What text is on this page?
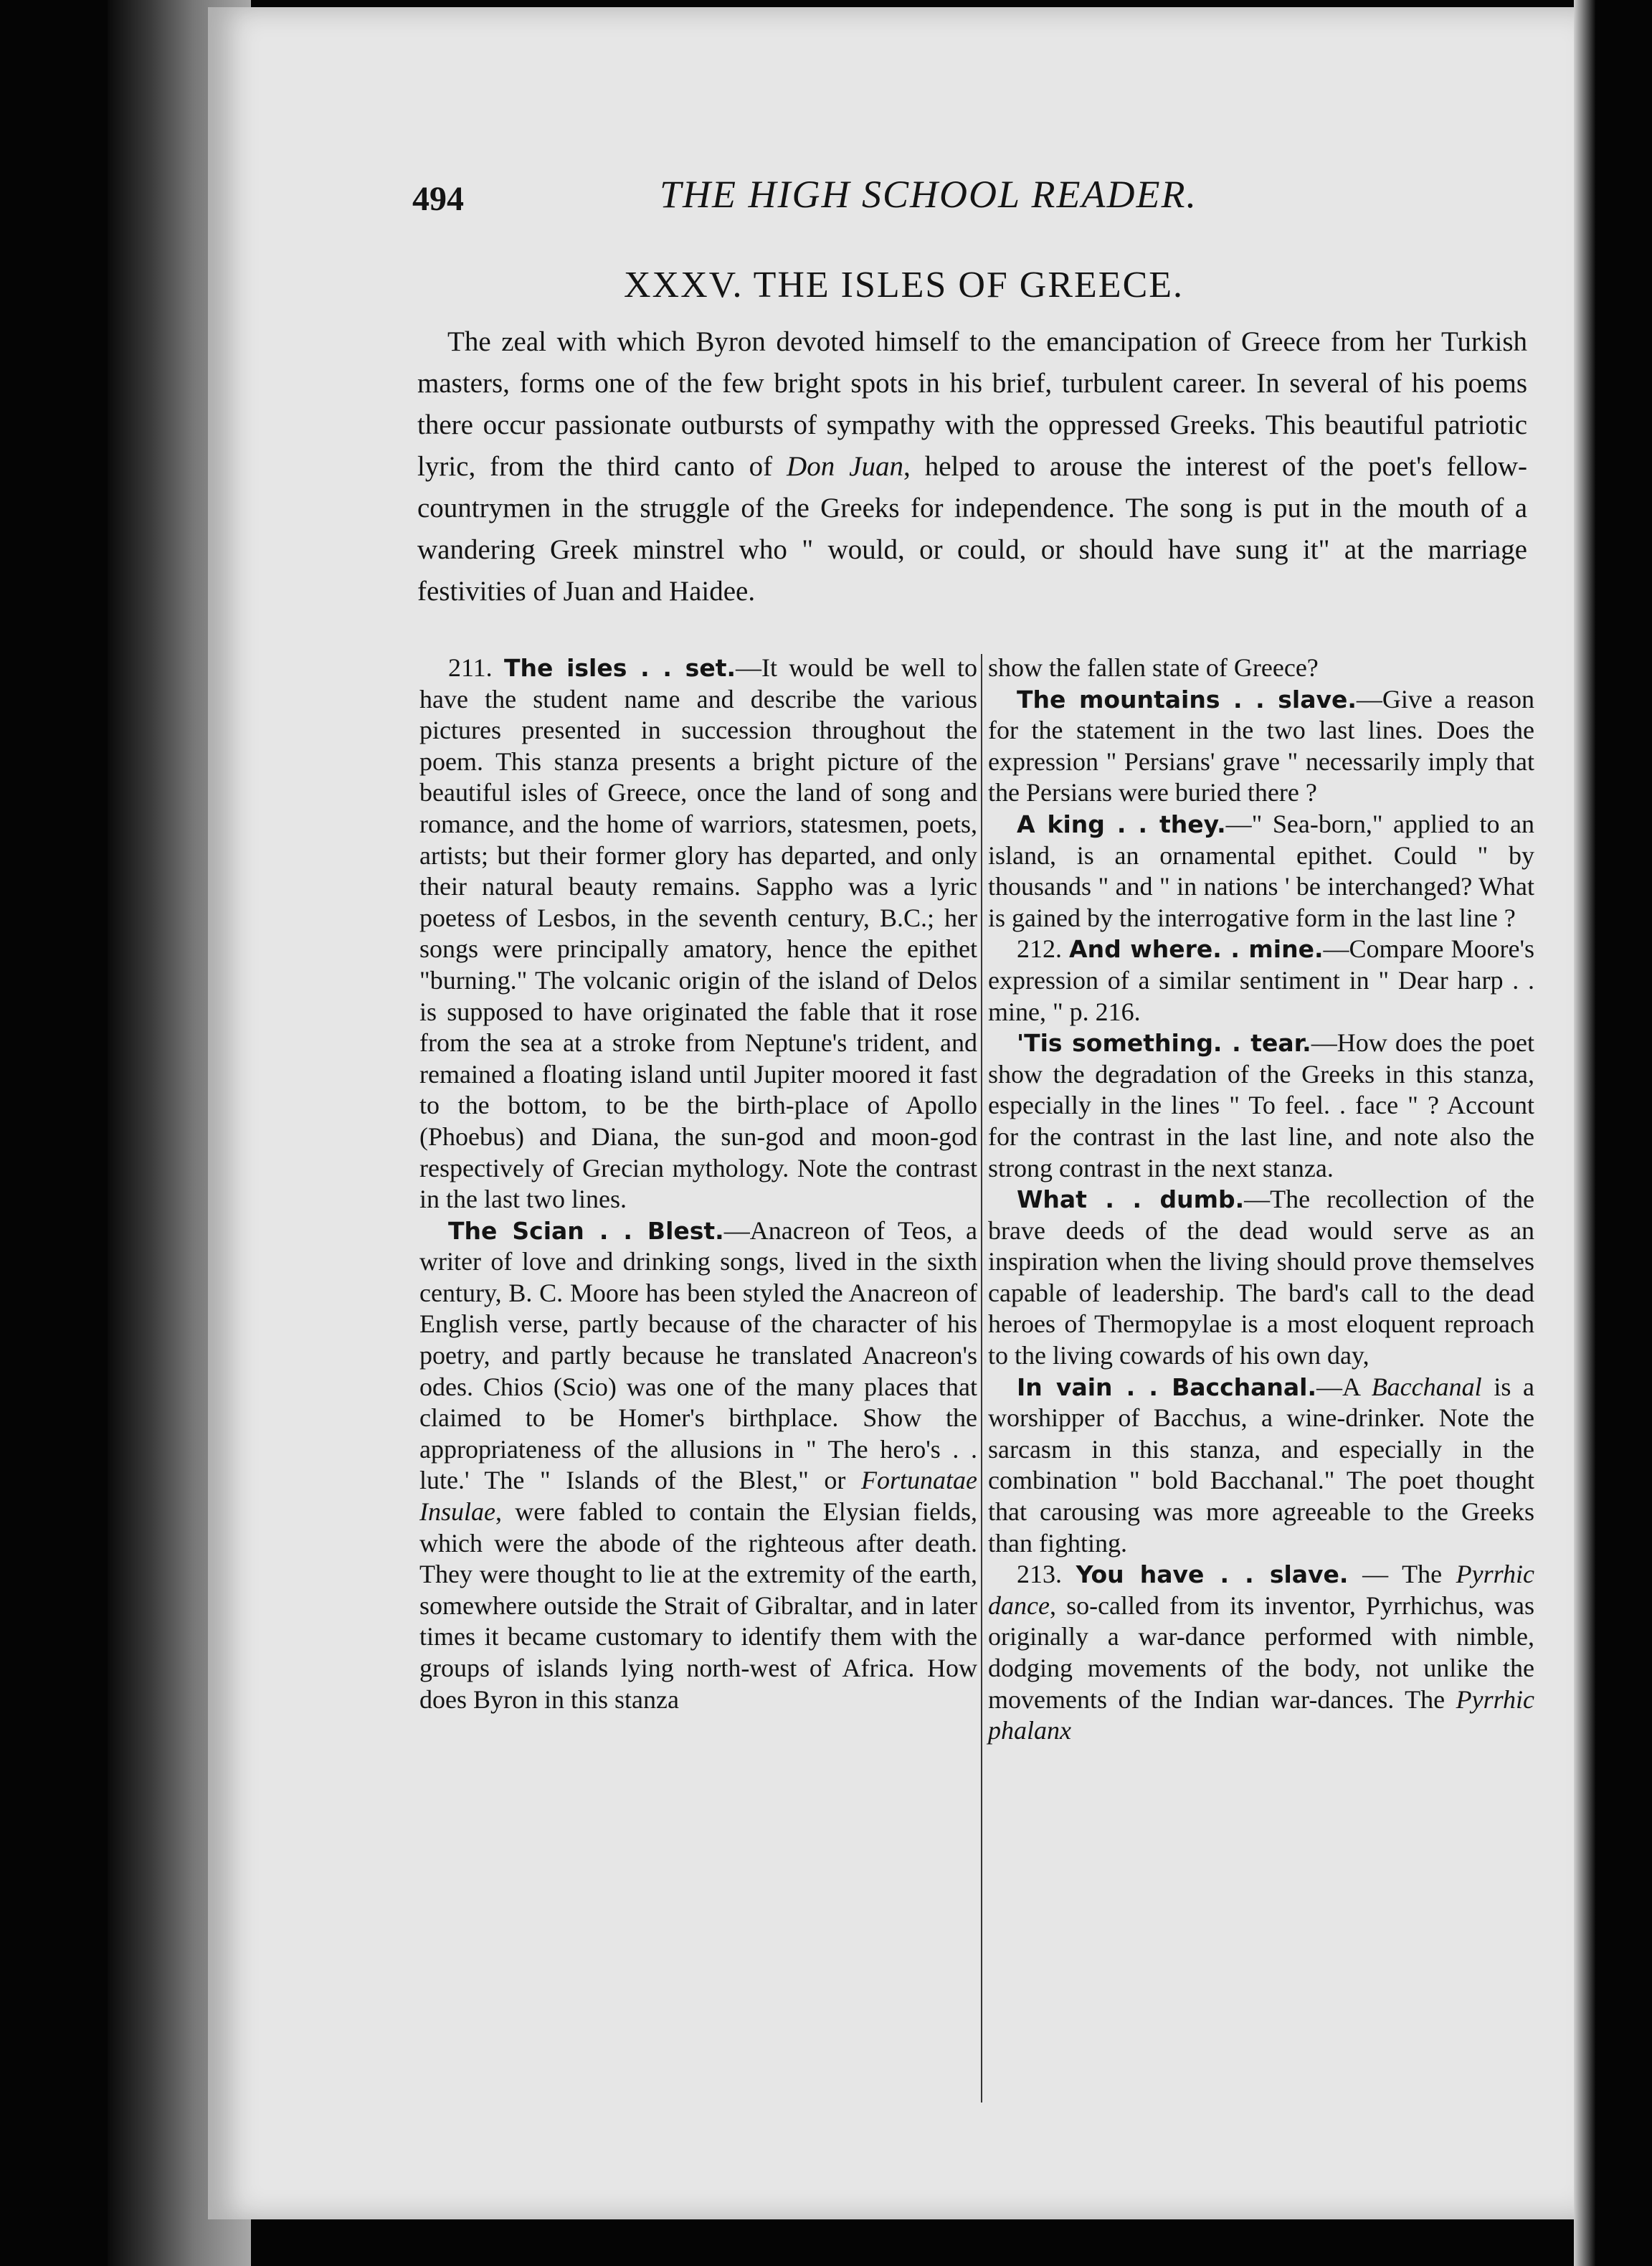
494	THE HIGH SCHOOL READER.
XXXV. THE ISLES OF GREECE.

The zeal with which Byron devoted himself to the emancipation of Greece from her Turkish masters, forms one of the few bright spots in his brief, turbulent career. In several of his poems there occur passionate outbursts of sympathy with the oppressed Greeks. This beautiful patriotic lyric, from the third canto of Don Juan, helped to arouse the interest of the poet's fellow-countrymen in the struggle of the Greeks for independence. The song is put in the mouth of a wandering Greek minstrel who " would, or could, or should have sung it" at the marriage festivities of Juan and Haidee.

211. The isles . . set.—It would be well to have the student name and describe the various pictures presented in succession throughout the poem. This stanza presents a bright picture of the beautiful isles of Greece, once the land of song and romance, and the home of warriors, statesmen, poets, artists; but their former glory has departed, and only their natural beauty remains. Sappho was a lyric poetess of Lesbos, in the seventh century, B.C.; her songs were principally amatory, hence the epithet "burning." The volcanic origin of the island of Delos is supposed to have originated the fable that it rose from the sea at a stroke from Neptune's trident, and remained a floating island until Jupiter moored it fast to the bottom, to be the birth-place of Apollo (Phoebus) and Diana, the sun-god and moon-god respectively of Grecian mythology. Note the contrast in the last two lines.

The Scian . . Blest.—Anacreon of Teos, a writer of love and drinking songs, lived in the sixth century, B. C. Moore has been styled the Anacreon of English verse, partly because of the character of his poetry, and partly because he translated Anacreon's odes. Chios (Scio) was one of the many places that claimed to be Homer's birthplace. Show the appropriateness of the allusions in " The hero's . . lute.' The " Islands of the Blest," or Fortunatae Insulae, were fabled to contain the Elysian fields, which were the abode of the righteous after death. They were thought to lie at the extremity of the earth, somewhere outside the Strait of Gibraltar, and in later times it became customary to identify them with the groups of islands lying north-west of Africa. How does Byron in this stanza

show the fallen state of Greece?

The mountains . . slave.—Give a reason for the statement in the two last lines. Does the expression " Persians' grave " necessarily imply that the Persians were buried there ?

A king . . they.—" Sea-born," applied to an island, is an ornamental epithet. Could " by thousands " and " in nations ' be interchanged? What is gained by the interrogative form in the last line ?

212. And where. . mine.—Compare Moore's expression of a similar sentiment in " Dear harp . . mine, " p. 216.

'Tis something. . tear.—How does the poet show the degradation of the Greeks in this stanza, especially in the lines " To feel. . face " ? Account for the contrast in the last line, and note also the strong contrast in the next stanza.

What . . dumb.—The recollection of the brave deeds of the dead would serve as an inspiration when the living should prove themselves capable of leadership. The bard's call to the dead heroes of Thermopylae is a most eloquent reproach to the living cowards of his own day,

In vain . . Bacchanal.—A Bacchanal is a worshipper of Bacchus, a wine-drinker. Note the sarcasm in this stanza, and especially in the combination " bold Bacchanal." The poet thought that carousing was more agreeable to the Greeks than fighting.

213. You have . . slave. — The Pyrrhic dance, so-called from its inventor, Pyrrhichus, was originally a war-dance performed with nimble, dodging movements of the body, not unlike the movements of the Indian war-dances. The Pyrrhic phalanx
